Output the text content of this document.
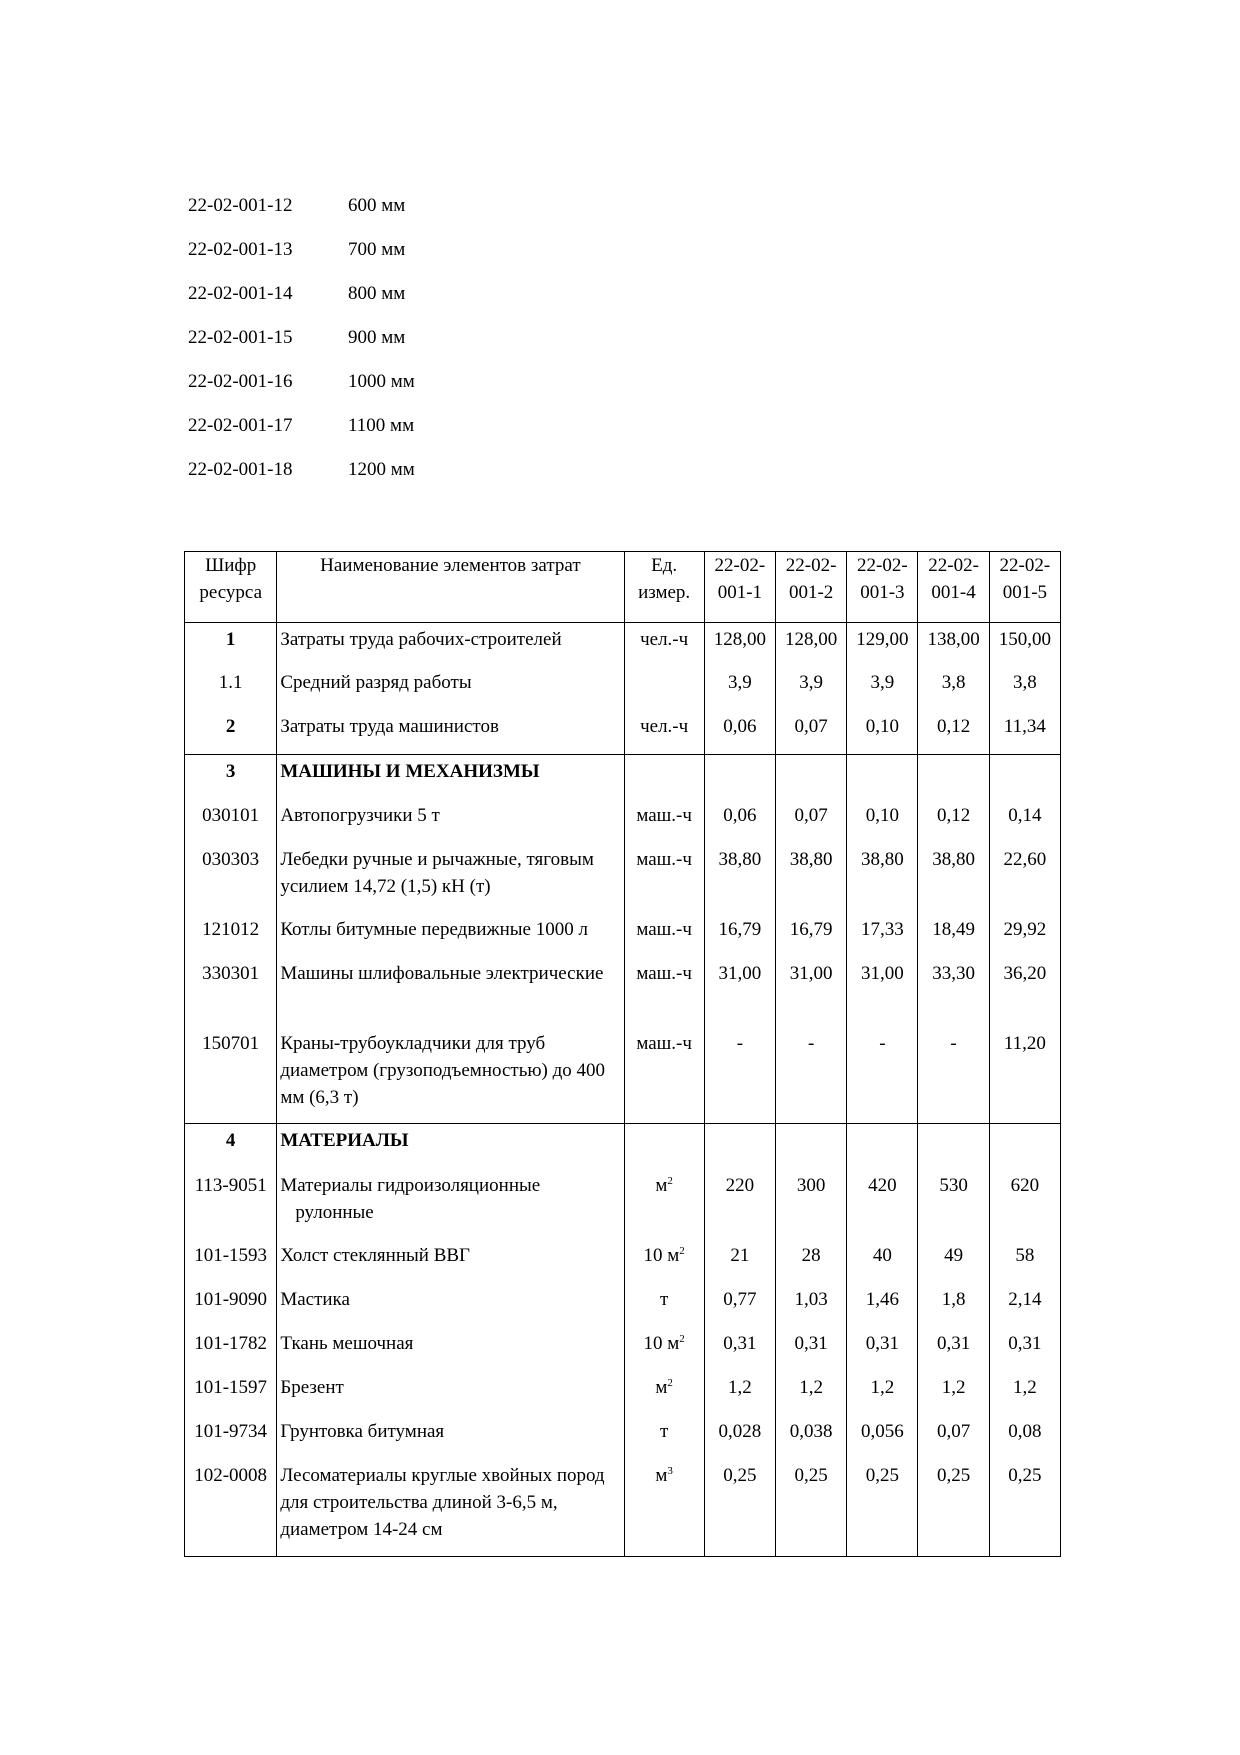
22-02-001-12	600 мм
22-02-001-13	700 мм
22-02-001-14	800 мм
22-02-001-15	900 мм
22-02-001-16	1000 мм
22-02-001-17	1100 мм
22-02-001-18	1200 мм
Шифр ресурса	Наименование элементов затрат	Ед. измер.	22-02-001-1	22-02-001-2	22-02-001-3	22-02-001-4	22-02-001-5
1	Затраты труда рабочих-строителей	чел.-ч	128,00	128,00	129,00	138,00	150,00
1.1	Средний разряд работы		3,9	3,9	3,9	3,8	3,8
2	Затраты труда машинистов	чел.-ч	0,06	0,07	0,10	0,12	11,34
3	МАШИНЫ И МЕХАНИЗМЫ						
030101	Автопогрузчики 5 т	маш.-ч	0,06	0,07	0,10	0,12	0,14
030303	Лебедки ручные и рычажные, тяговым усилием 14,72 (1,5) кН (т)	маш.-ч	38,80	38,80	38,80	38,80	22,60
121012	Котлы битумные передвижные 1000 л	маш.-ч	16,79	16,79	17,33	18,49	29,92
330301	Машины шлифовальные электрические	маш.-ч	31,00	31,00	31,00	33,30	36,20
150701	Краны-трубоукладчики для труб диаметром (грузоподъемностью) до 400 мм (6,3 т)	маш.-ч	-	-	-	-	11,20
4	МАТЕРИАЛЫ						
113-9051	Материалы гидроизоляционные рулонные	$м^2$	220	300	420	530	620
101-1593	Холст стеклянный ВВГ	10 $м^2$	21	28	40	49	58
101-9090	Мастика	т	0,77	1,03	1,46	1,8	2,14
101-1782	Ткань мешочная	10 $м^2$	0,31	0,31	0,31	0,31	0,31
101-1597	Брезент	$м^2$	1,2	1,2	1,2	1,2	1,2
101-9734	Грунтовка битумная	т	0,028	0,038	0,056	0,07	0,08
102-0008	Лесоматериалы круглые хвойных пород для строительства длиной 3-6,5 м, диаметром 14-24 см	$м^3$	0,25	0,25	0,25	0,25	0,25
